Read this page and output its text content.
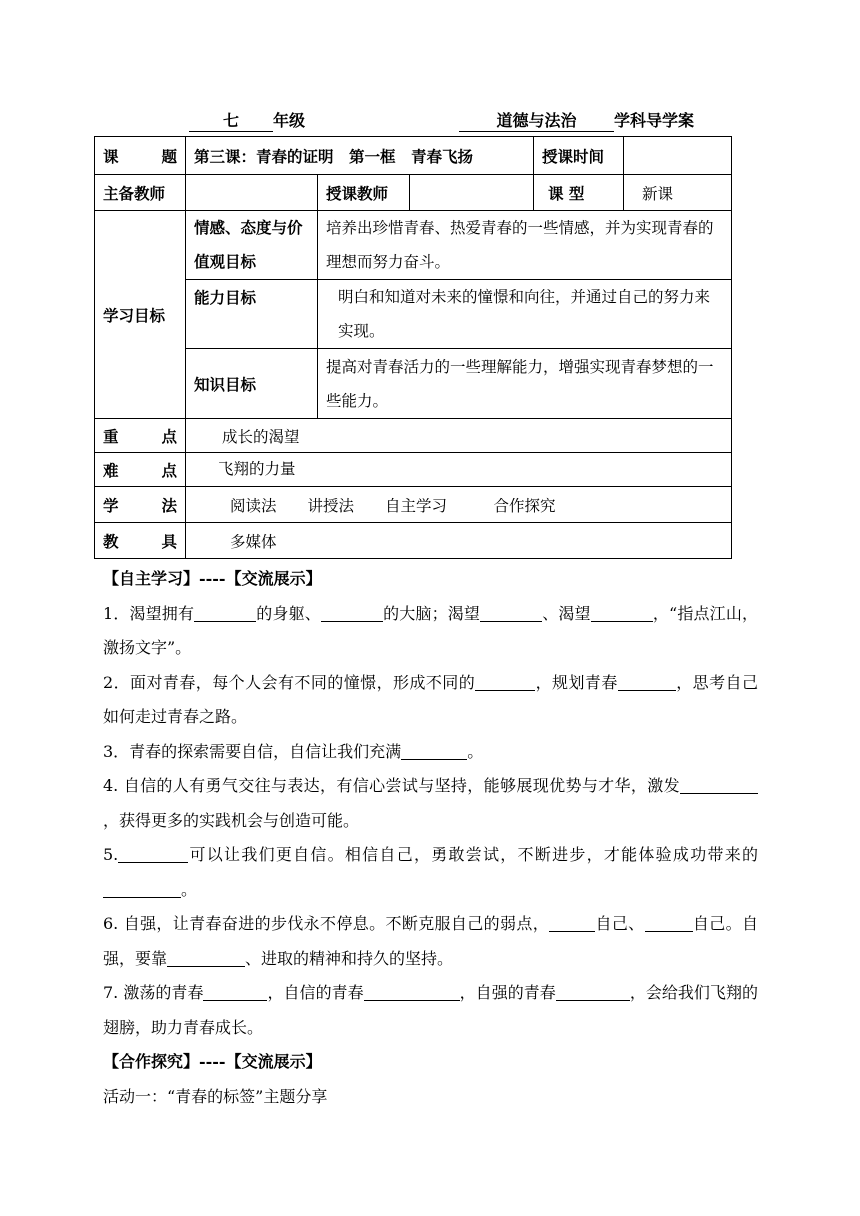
七 年级	道德与法治 学科导学案
课　　题	第三课：青春的证明　第一框　青春飞扬			授课时间	
主备教师		授课教师		课 型	新课
学习目标	情感、态度与价值观目标	培养出珍惜青春、热爱青春的一些情感，并为实现青春的理想而努力奋斗。			
	能力目标	明白和知道对未来的憧憬和向往，并通过自己的努力来实现。			
	知识目标	提高对青春活力的一些理解能力，增强实现青春梦想的一些能力。			
重　　点	成长的渴望				
难　　点	飞翔的力量				
学　　法	阅读法　　讲授法　　自主学习　　　合作探究				
教　　具	多媒体				

【自主学习】----【交流展示】

1．渴望拥有	的身躯、	的大脑；渴望	、渴望	，“指点江山，激扬文字”。

2．面对青春，每个人会有不同的憧憬，形成不同的	，规划青春	，思考自己如何走过青春之路。

3．青春的探索需要自信，自信让我们充满	。

4. 自信的人有勇气交往与表达，有信心尝试与坚持，能够展现优势与才华，激发，获得更多的实践机会与创造可能。

5.	可以让我们更自信。相信自己，勇敢尝试，不断进步，才能体验成功带来的。

6. 自强，让青春奋进的步伐永不停息。不断克服自己的弱点，	自己、	自己。自强，要靠	、进取的精神和持久的坚持。

7. 激荡的青春	，自信的青春	，自强的青春	，会给我们飞翔的翅膀，助力青春成长。

【合作探究】----【交流展示】

活动一：“青春的标签”主题分享
